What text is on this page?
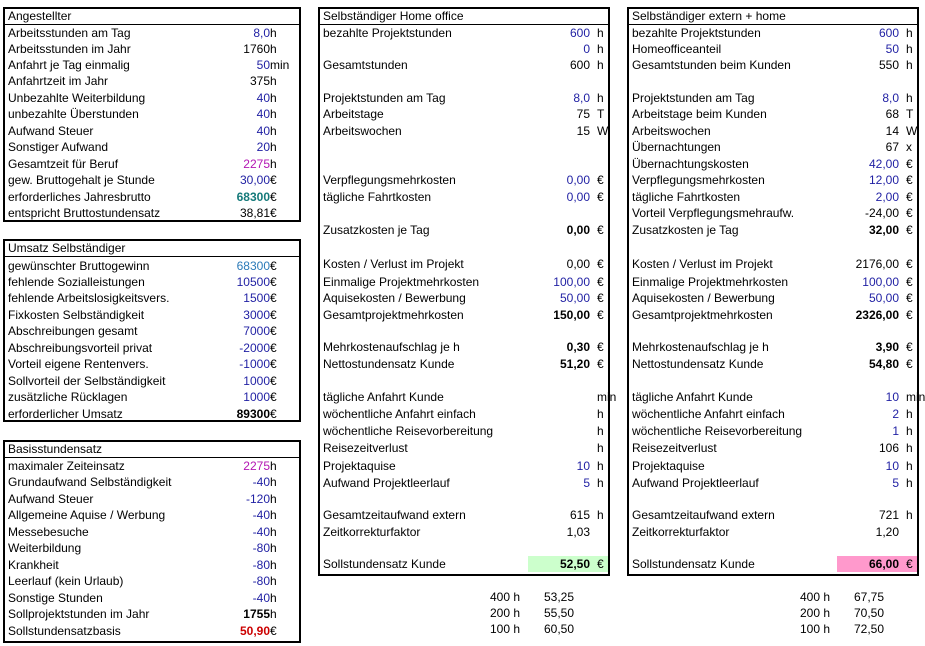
Angestellter
Arbeitsstunden am Tag	8,0 h
Arbeitsstunden im Jahr	1760 h
Anfahrt je Tag einmalig	50 min
Anfahrtzeit im Jahr	375 h
Unbezahlte Weiterbildung	40 h
unbezahlte Überstunden	40 h
Aufwand Steuer	40 h
Sonstiger Aufwand	20 h
Gesamtzeit für Beruf	2275 h
gew. Bruttogehalt je Stunde	30,00 €
erforderliches Jahresbrutto	68300 €
entspricht Bruttostundensatz	38,81 €
Umsatz Selbständiger
gewünschter Bruttogewinn	68300 €
fehlende Sozialleistungen	10500 €
fehlende Arbeitslosigkeitsvers.	1500 €
Fixkosten Selbständigkeit	3000 €
Abschreibungen gesamt	7000 €
Abschreibungsvorteil privat	-2000 €
Vorteil eigene Rentenvers.	-1000 €
Sollvorteil der Selbständigkeit	1000 €
zusätzliche Rücklagen	1000 €
erforderlicher Umsatz	89300 €
Basisstundensatz
maximaler Zeiteinsatz	2275 h
Grundaufwand Selbständigkeit	-40 h
Aufwand Steuer	-120 h
Allgemeine Aquise / Werbung	-40 h
Messebesuche	-40 h
Weiterbildung	-80 h
Krankheit	-80 h
Leerlauf (kein Urlaub)	-80 h
Sonstige Stunden	-40 h
Sollprojektstunden im Jahr	1755 h
Sollstundensatzbasis	50,90 €
Selbständiger Home office
bezahlte Projektstunden	600 h
0 h
Gesamtstunden	600 h
Projektstunden am Tag	8,0 h
Arbeitstage	75 T
Arbeitswochen	15 W
Verpflegungsmehrkosten	0,00 €
tägliche Fahrtkosten	0,00 €
Zusatzkosten je Tag	0,00 €
Kosten / Verlust im Projekt	0,00 €
Einmalige Projektmehrkosten	100,00 €
Aquisekosten / Bewerbung	50,00 €
Gesamtprojektmehrkosten	150,00 €
Mehrkostenaufschlag je h	0,30 €
Nettostundensatz Kunde	51,20 €
tägliche Anfahrt Kunde	min
wöchentliche Anfahrt einfach	h
wöchentliche Reisevorbereitung	h
Reisezeitverlust	h
Projektaquise	10 h
Aufwand Projektleerlauf	5 h
Gesamtzeitaufwand extern	615 h
Zeitkorrekturfaktor	1,03
Sollstundensatz Kunde	52,50 €
Selbständiger extern + home
bezahlte Projektstunden	600 h
Homeofficeanteil	50 h
Gesamtstunden beim Kunden	550 h
Projektstunden am Tag	8,0 h
Arbeitstage beim Kunden	68 T
Arbeitswochen	14 W
Übernachtungen	67 x
Übernachtungskosten	42,00 €
Verpflegungsmehrkosten	12,00 €
tägliche Fahrtkosten	2,00 €
Vorteil Verpflegungsmehraufw.	-24,00 €
Zusatzkosten je Tag	32,00 €
Kosten / Verlust im Projekt	2176,00 €
Einmalige Projektmehrkosten	100,00 €
Aquisekosten / Bewerbung	50,00 €
Gesamtprojektmehrkosten	2326,00 €
Mehrkostenaufschlag je h	3,90 €
Nettostundensatz Kunde	54,80 €
tägliche Anfahrt Kunde	10 min
wöchentliche Anfahrt einfach	2 h
wöchentliche Reisevorbereitung	1 h
Reisezeitverlust	106 h
Projektaquise	10 h
Aufwand Projektleerlauf	5 h
Gesamtzeitaufwand extern	721 h
Zeitkorrekturfaktor	1,20
Sollstundensatz Kunde	66,00 €
400 h 53,25
200 h 55,50
100 h 60,50
400 h 67,75
200 h 70,50
100 h 72,50
